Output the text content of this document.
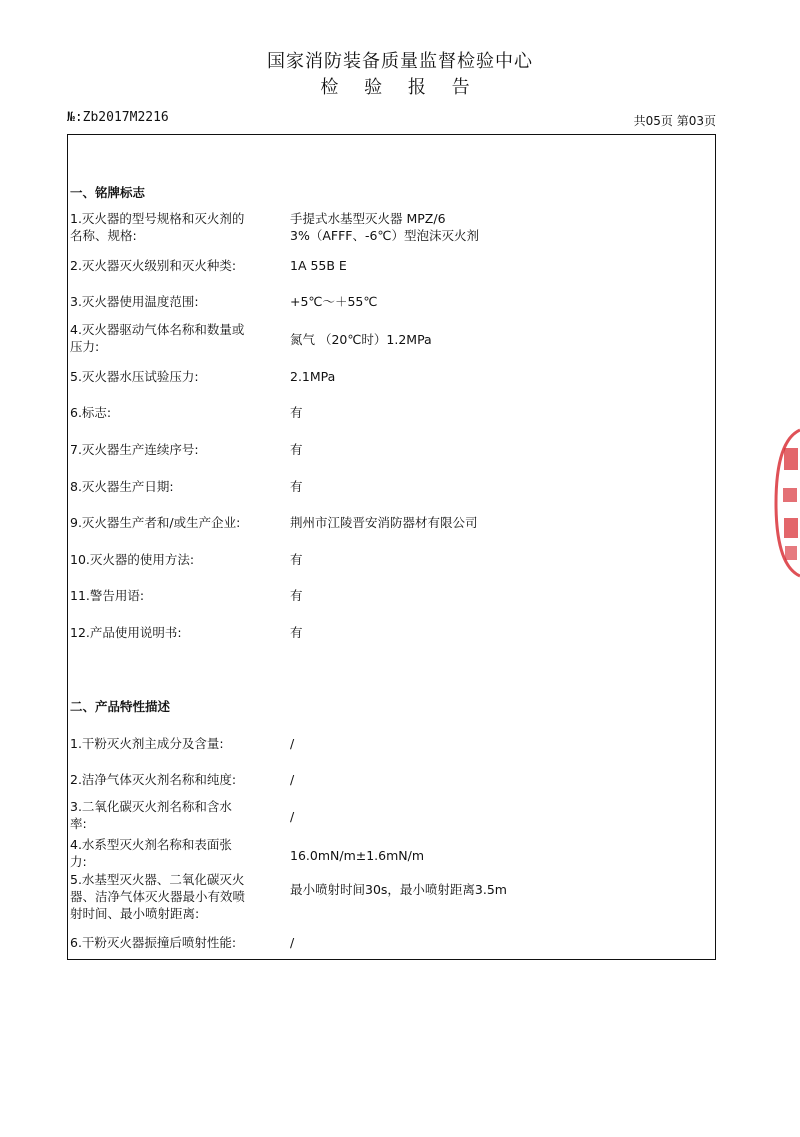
国家消防装备质量监督检验中心
检 验 报 告
№:Zb2017M2216	共05页 第03页
一、铭牌标志
1.灭火器的型号规格和灭火剂的
名称、规格:
手提式水基型灭火器 MPZ/6
3%（AFFF、-6℃）型泡沫灭火剂
2.灭火器灭火级别和灭火种类:	1A 55B E
3.灭火器使用温度范围:	+5℃～＋55℃
4.灭火器驱动气体名称和数量或
压力:	氮气 （20℃时）1.2MPa
5.灭火器水压试验压力:	2.1MPa
6.标志:	有
7.灭火器生产连续序号:	有
8.灭火器生产日期:	有
9.灭火器生产者和/或生产企业:	荆州市江陵晋安消防器材有限公司
10.灭火器的使用方法:	有
11.警告用语:	有
12.产品使用说明书:	有
二、产品特性描述
1.干粉灭火剂主成分及含量:	/
2.洁净气体灭火剂名称和纯度:	/
3.二氧化碳灭火剂名称和含水
率:	/
4.水系型灭火剂名称和表面张
力:	16.0mN/m±1.6mN/m
5.水基型灭火器、二氧化碳灭火
器、洁净气体灭火器最小有效喷
射时间、最小喷射距离:
最小喷射时间30s，最小喷射距离3.5m
6.干粉灭火器振撞后喷射性能:	/
